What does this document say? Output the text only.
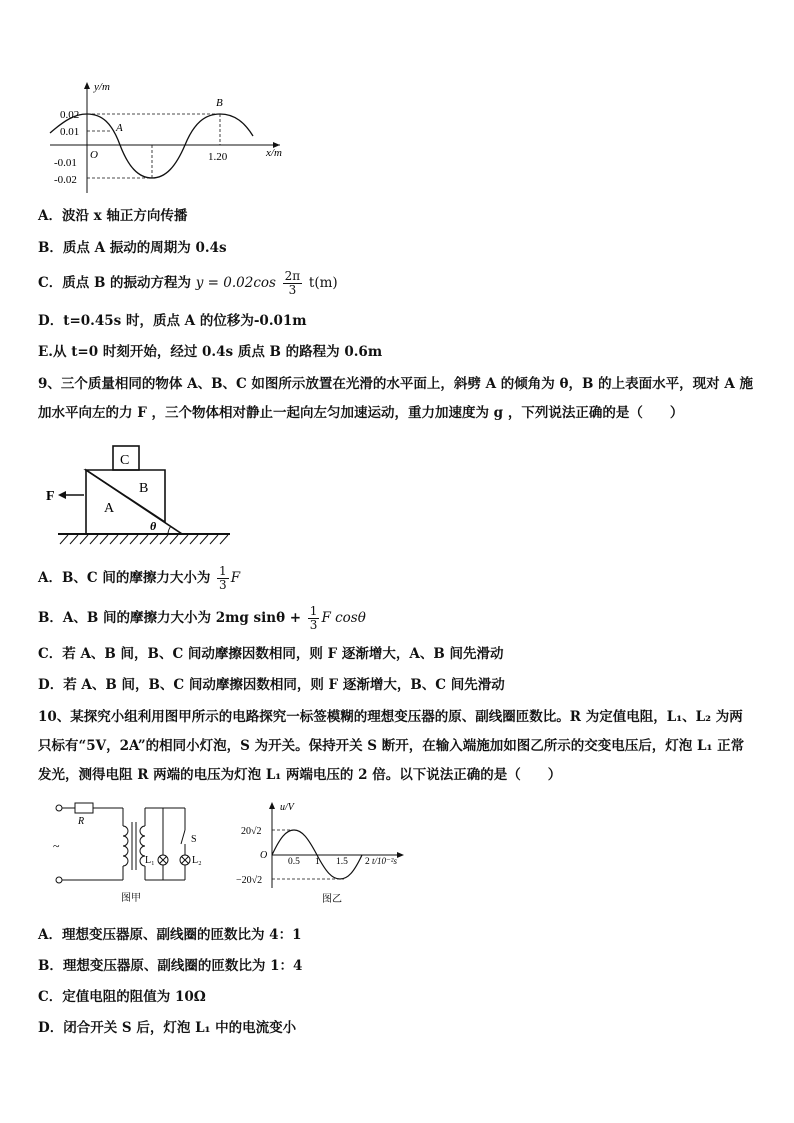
y/m
x/m
0.02
0.01
-0.01
-0.02
O	1.20
A
B
A．波沿 x 轴正方向传播
B．质点 A 振动的周期为 0.4s
C．质点 B 的振动方程为 $y = 0.02\cos \frac{2\pi}{3} t(m)$
D．t=0.45s 时，质点 A 的位移为-0.01m
E.从 t=0 时刻开始，经过 0.4s 质点 B 的路程为 0.6m
9、三个质量相同的物体 A、B、C 如图所示放置在光滑的水平面上，斜劈 A 的倾角为 θ，B 的上表面水平，现对 A 施
加水平向左的力 F ，三个物体相对静止一起向左匀加速运动，重力加速度为 g ，下列说法正确的是（　　）
F
A
B
C
θ
A．B、C 间的摩擦力大小为 $\frac{1}{3}$ F
B．A、B 间的摩擦力大小为 2mg $\sin\theta + \frac{1}{3}$ F cosθ
C．若 A、B 间，B、C 间动摩擦因数相同，则 F 逐渐增大，A、B 间先滑动
D．若 A、B 间，B、C 间动摩擦因数相同，则 F 逐渐增大，B、C 间先滑动
10、某探究小组利用图甲所示的电路探究一标签模糊的理想变压器的原、副线圈匝数比。R 为定值电阻，L₁、L₂ 为两
只标有“5V，2A”的相同小灯泡，S 为开关。保持开关 S 断开，在输入端施加如图乙所示的交变电压后，灯泡 L₁ 正常
发光，测得电阻 R 两端的电压为灯泡 L₁ 两端电压的 2 倍。以下说法正确的是（　　）
R
~	S
L₁	L₂
图甲
u/V
t/10⁻²s
20√2
−20√2
O
0.5 1 1.5 2
图乙
A．理想变压器原、副线圈的匝数比为 4：1
B．理想变压器原、副线圈的匝数比为 1：4
C．定值电阻的阻值为 10Ω
D．闭合开关 S 后，灯泡 L₁ 中的电流变小
